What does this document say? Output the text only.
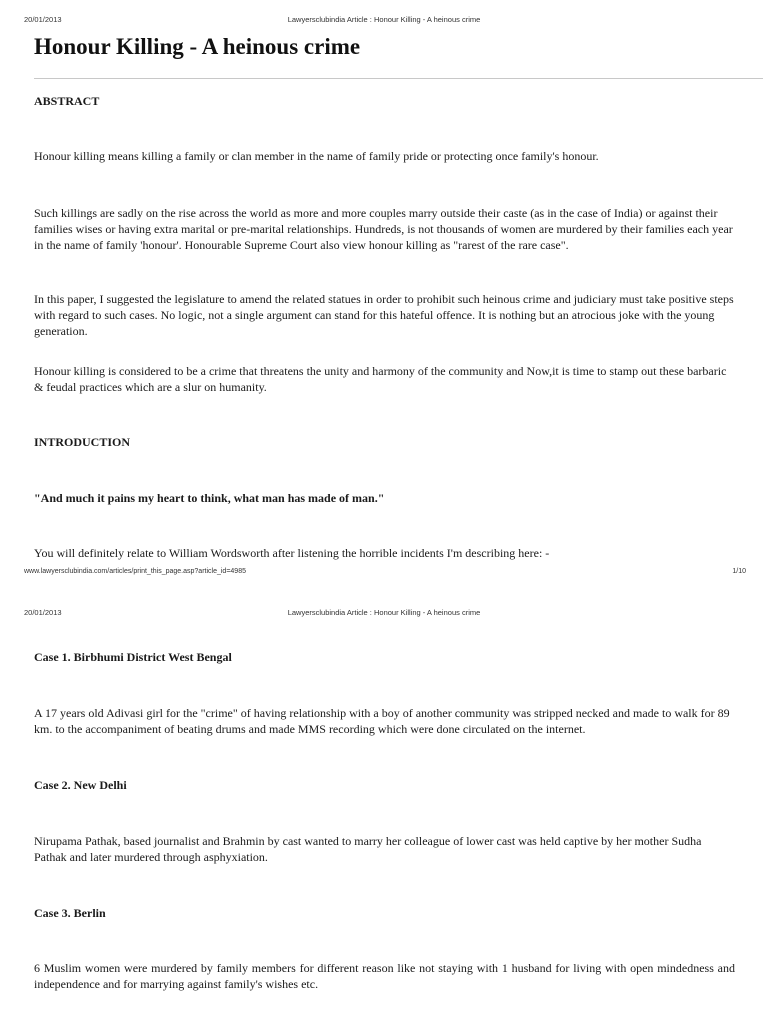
20/01/2013	Lawyersclubindia Article : Honour Killing - A heinous crime
Honour Killing - A heinous crime
ABSTRACT

Honour killing means killing a family or clan member in the name of family pride or protecting once family's honour.

Such killings are sadly on the rise across the world as more and more couples marry outside their caste (as in the case of India) or against their families wises or having extra marital or pre-marital relationships. Hundreds, is not thousands of women are murdered by their families each year in the name of family 'honour'. Honourable Supreme Court also view honour killing as "rarest of the rare case".

In this paper, I suggested the legislature to amend the related statues in order to prohibit such heinous crime and judiciary must take positive steps with regard to such cases. No logic, not a single argument can stand for this hateful offence. It is nothing but an atrocious joke with the young generation.

Honour killing is considered to be a crime that threatens the unity and harmony of the community and Now,it is time to stamp out these barbaric & feudal practices which are a slur on humanity.

INTRODUCTION

"And much it pains my heart to think, what man has made of man."

You will definitely relate to William Wordsworth after listening the horrible incidents I'm describing here: -

www.lawyersclubindia.com/articles/print_this_page.asp?article_id=4985	1/10
20/01/2013	Lawyersclubindia Article : Honour Killing - A heinous crime
Case 1. Birbhumi District West Bengal

A 17 years old Adivasi girl for the "crime" of having relationship with a boy of another community was stripped necked and made to walk for 89 km. to the accompaniment of beating drums and made MMS recording which were done circulated on the internet.

Case 2. New Delhi

Nirupama Pathak, based journalist and Brahmin by cast wanted to marry her colleague of lower cast was held captive by her mother Sudha Pathak and later murdered through asphyxiation.

Case 3. Berlin

6 Muslim women were murdered by family members for different reason like not staying with 1 husband for living with open mindedness and independence and for marrying against family's wishes etc.
